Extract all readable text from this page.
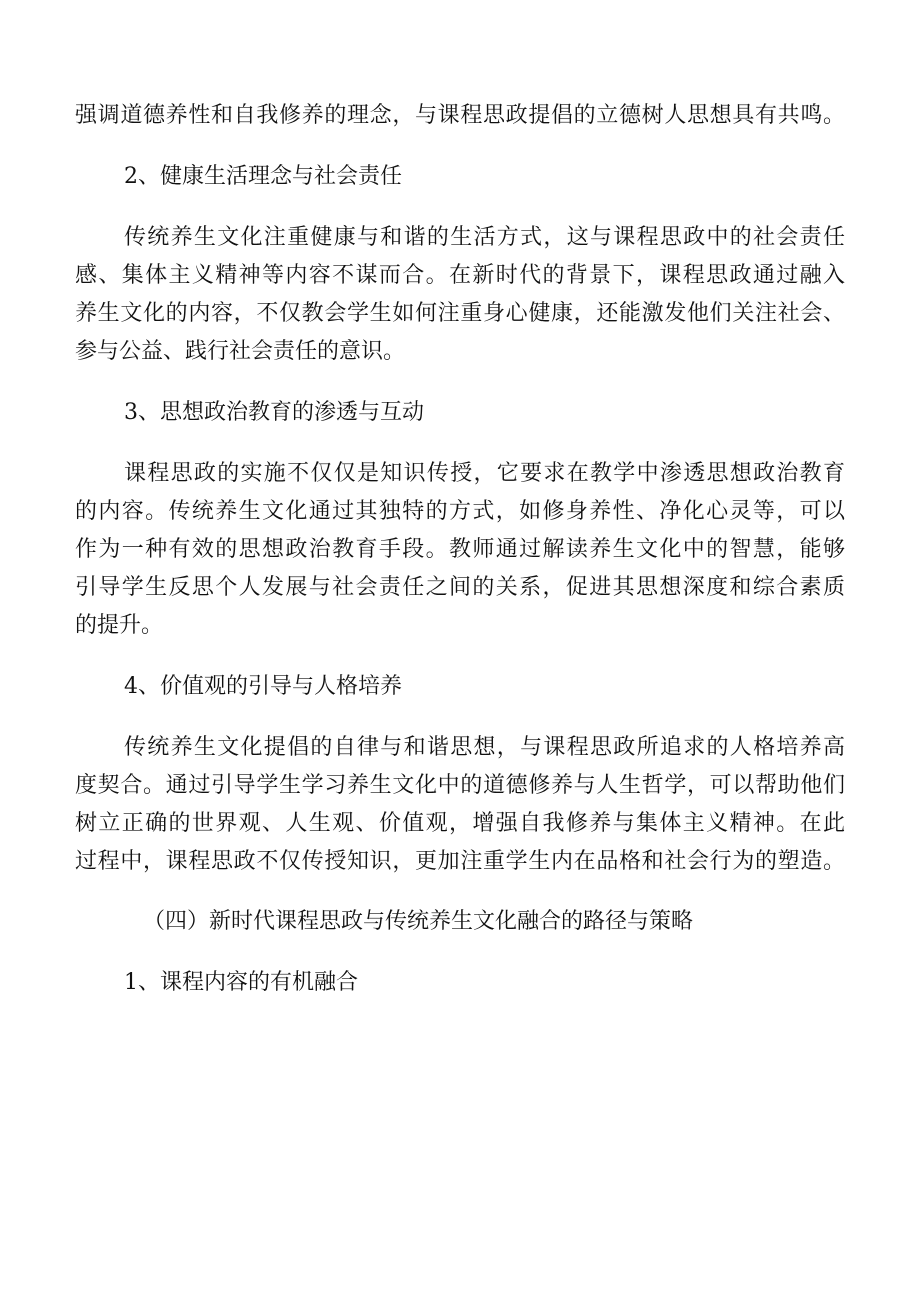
强调道德养性和自我修养的理念，与课程思政提倡的立德树人思想具有共鸣。
2、健康生活理念与社会责任
传统养生文化注重健康与和谐的生活方式，这与课程思政中的社会责任
感、集体主义精神等内容不谋而合。在新时代的背景下，课程思政通过融入
养生文化的内容，不仅教会学生如何注重身心健康，还能激发他们关注社会、
参与公益、践行社会责任的意识。
3、思想政治教育的渗透与互动
课程思政的实施不仅仅是知识传授，它要求在教学中渗透思想政治教育
的内容。传统养生文化通过其独特的方式，如修身养性、净化心灵等，可以
作为一种有效的思想政治教育手段。教师通过解读养生文化中的智慧，能够
引导学生反思个人发展与社会责任之间的关系，促进其思想深度和综合素质
的提升。
4、价值观的引导与人格培养
传统养生文化提倡的自律与和谐思想，与课程思政所追求的人格培养高
度契合。通过引导学生学习养生文化中的道德修养与人生哲学，可以帮助他们
树立正确的世界观、人生观、价值观，增强自我修养与集体主义精神。在此
过程中，课程思政不仅传授知识，更加注重学生内在品格和社会行为的塑造。
（四）新时代课程思政与传统养生文化融合的路径与策略
1、课程内容的有机融合
